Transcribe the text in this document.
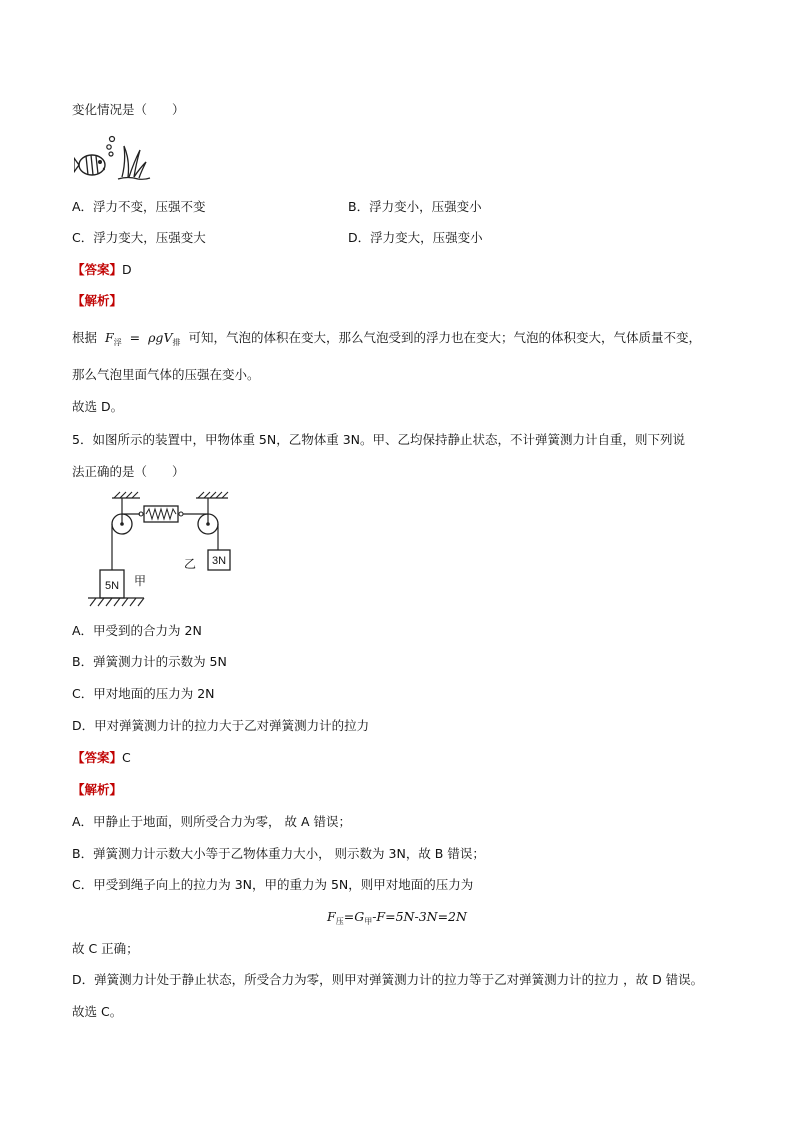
变化情况是（　　）
A．浮力不变，压强不变	B．浮力变小，压强变小
C．浮力变大，压强变大	D．浮力变大，压强变小
【答案】D
【解析】
根据 $F_浮 = \rho gV_排$ 可知，气泡的体积在变大，那么气泡受到的浮力也在变大；气泡的体积变大，气体质量不变，
那么气泡里面气体的压强在变小。
故选 D。
5．如图所示的装置中，甲物体重 5N，乙物体重 3N。甲、乙均保持静止状态，不计弹簧测力计自重，则下列说
法正确的是（　　）
5N 甲
3N
乙
A．甲受到的合力为 2N
B．弹簧测力计的示数为 5N
C．甲对地面的压力为 2N
D．甲对弹簧测力计的拉力大于乙对弹簧测力计的拉力
【答案】C
【解析】
A．甲静止于地面，则所受合力为零， 故 A 错误；
B．弹簧测力计示数大小等于乙物体重力大小， 则示数为 3N，故 B 错误；
C．甲受到绳子向上的拉力为 3N，甲的重力为 5N，则甲对地面的压力为
$F_压=G_甲-F=5N-3N=2N$
故 C 正确；
D．弹簧测力计处于静止状态，所受合力为零，则甲对弹簧测力计的拉力等于乙对弹簧测力计的拉力 ，故 D 错误。
故选 C。
